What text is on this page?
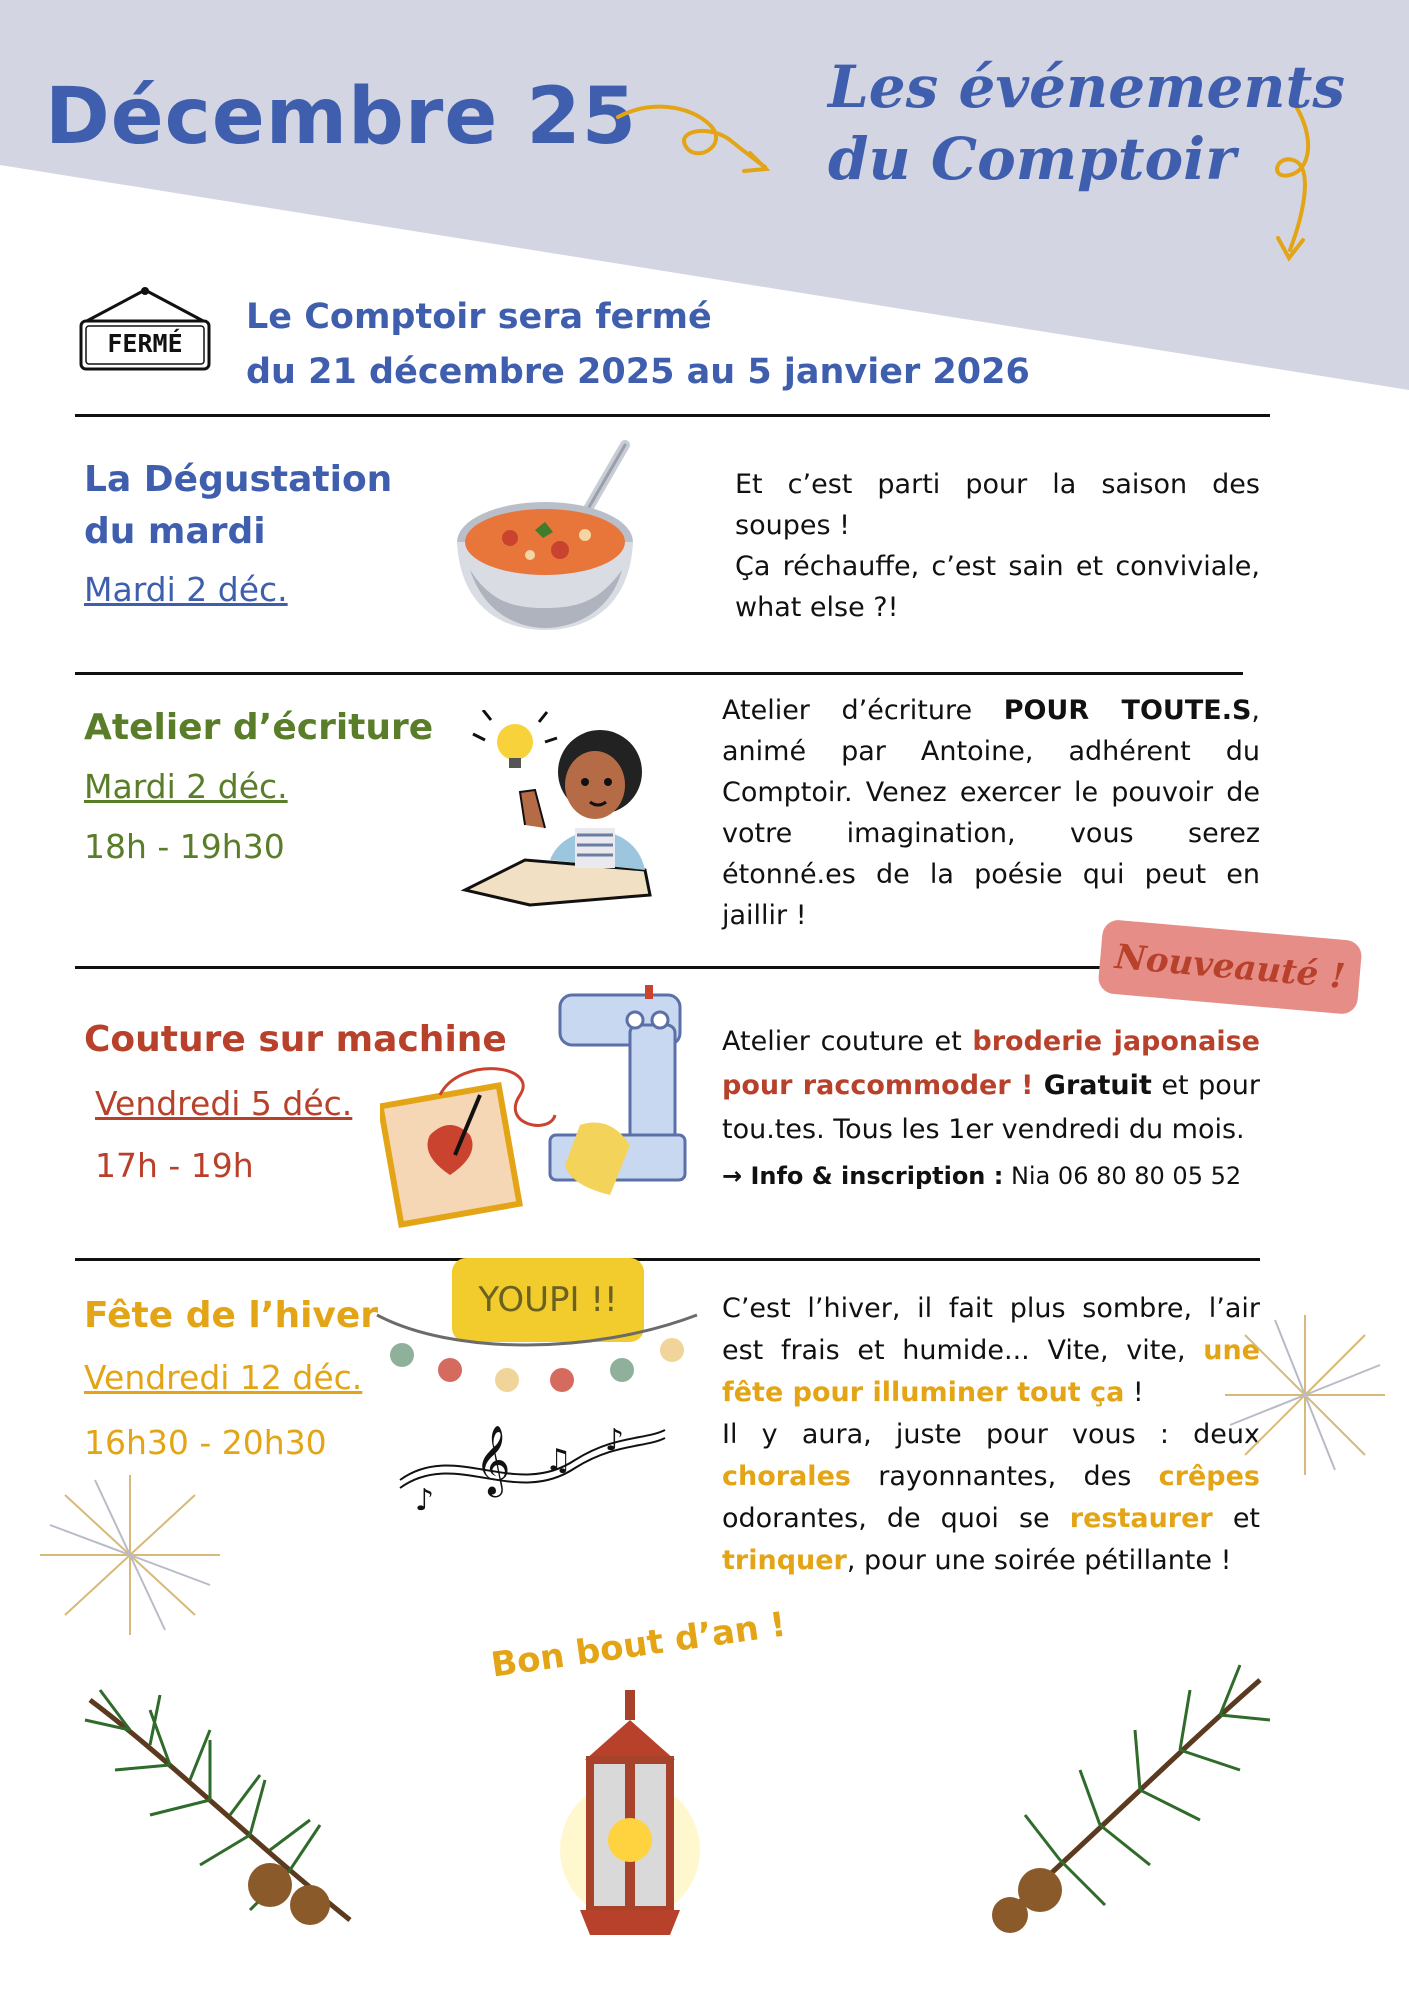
Décembre 25	Les événements
du Comptoir
FERMÉ
Le Comptoir sera fermé
du 21 décembre 2025 au 5 janvier 2026
La Dégustation
du mardi
Mardi 2 déc.
Et c’est parti pour la saison des soupes !
Ça réchauffe, c’est sain et conviviale, what else ?!
Atelier d’écriture
Mardi 2 déc.
18h - 19h30
Atelier d’écriture POUR TOUTE.S, animé par Antoine, adhérent du Comptoir. Venez exercer le pouvoir de votre imagination, vous serez étonné.es de la poésie qui peut en jaillir !
Nouveauté !
Couture sur machine
Vendredi 5 déc.
17h - 19h
Atelier couture et broderie japonaise pour raccommoder ! Gratuit et pour tou.tes. Tous les 1er vendredi du mois.
→ Info & inscription : Nia 06 80 80 05 52
YOUPI !!
Fête de l’hiver
Vendredi 12 déc.
16h30 - 20h30 𝄞
♪
♫
♪
C’est l’hiver, il fait plus sombre, l’air est frais et humide... Vite, vite, une fête pour illuminer tout ça !
Il y aura, juste pour vous : deux chorales rayonnantes, des crêpes odorantes, de quoi se restaurer et trinquer, pour une soirée pétillante !
Bon bout d’an !
